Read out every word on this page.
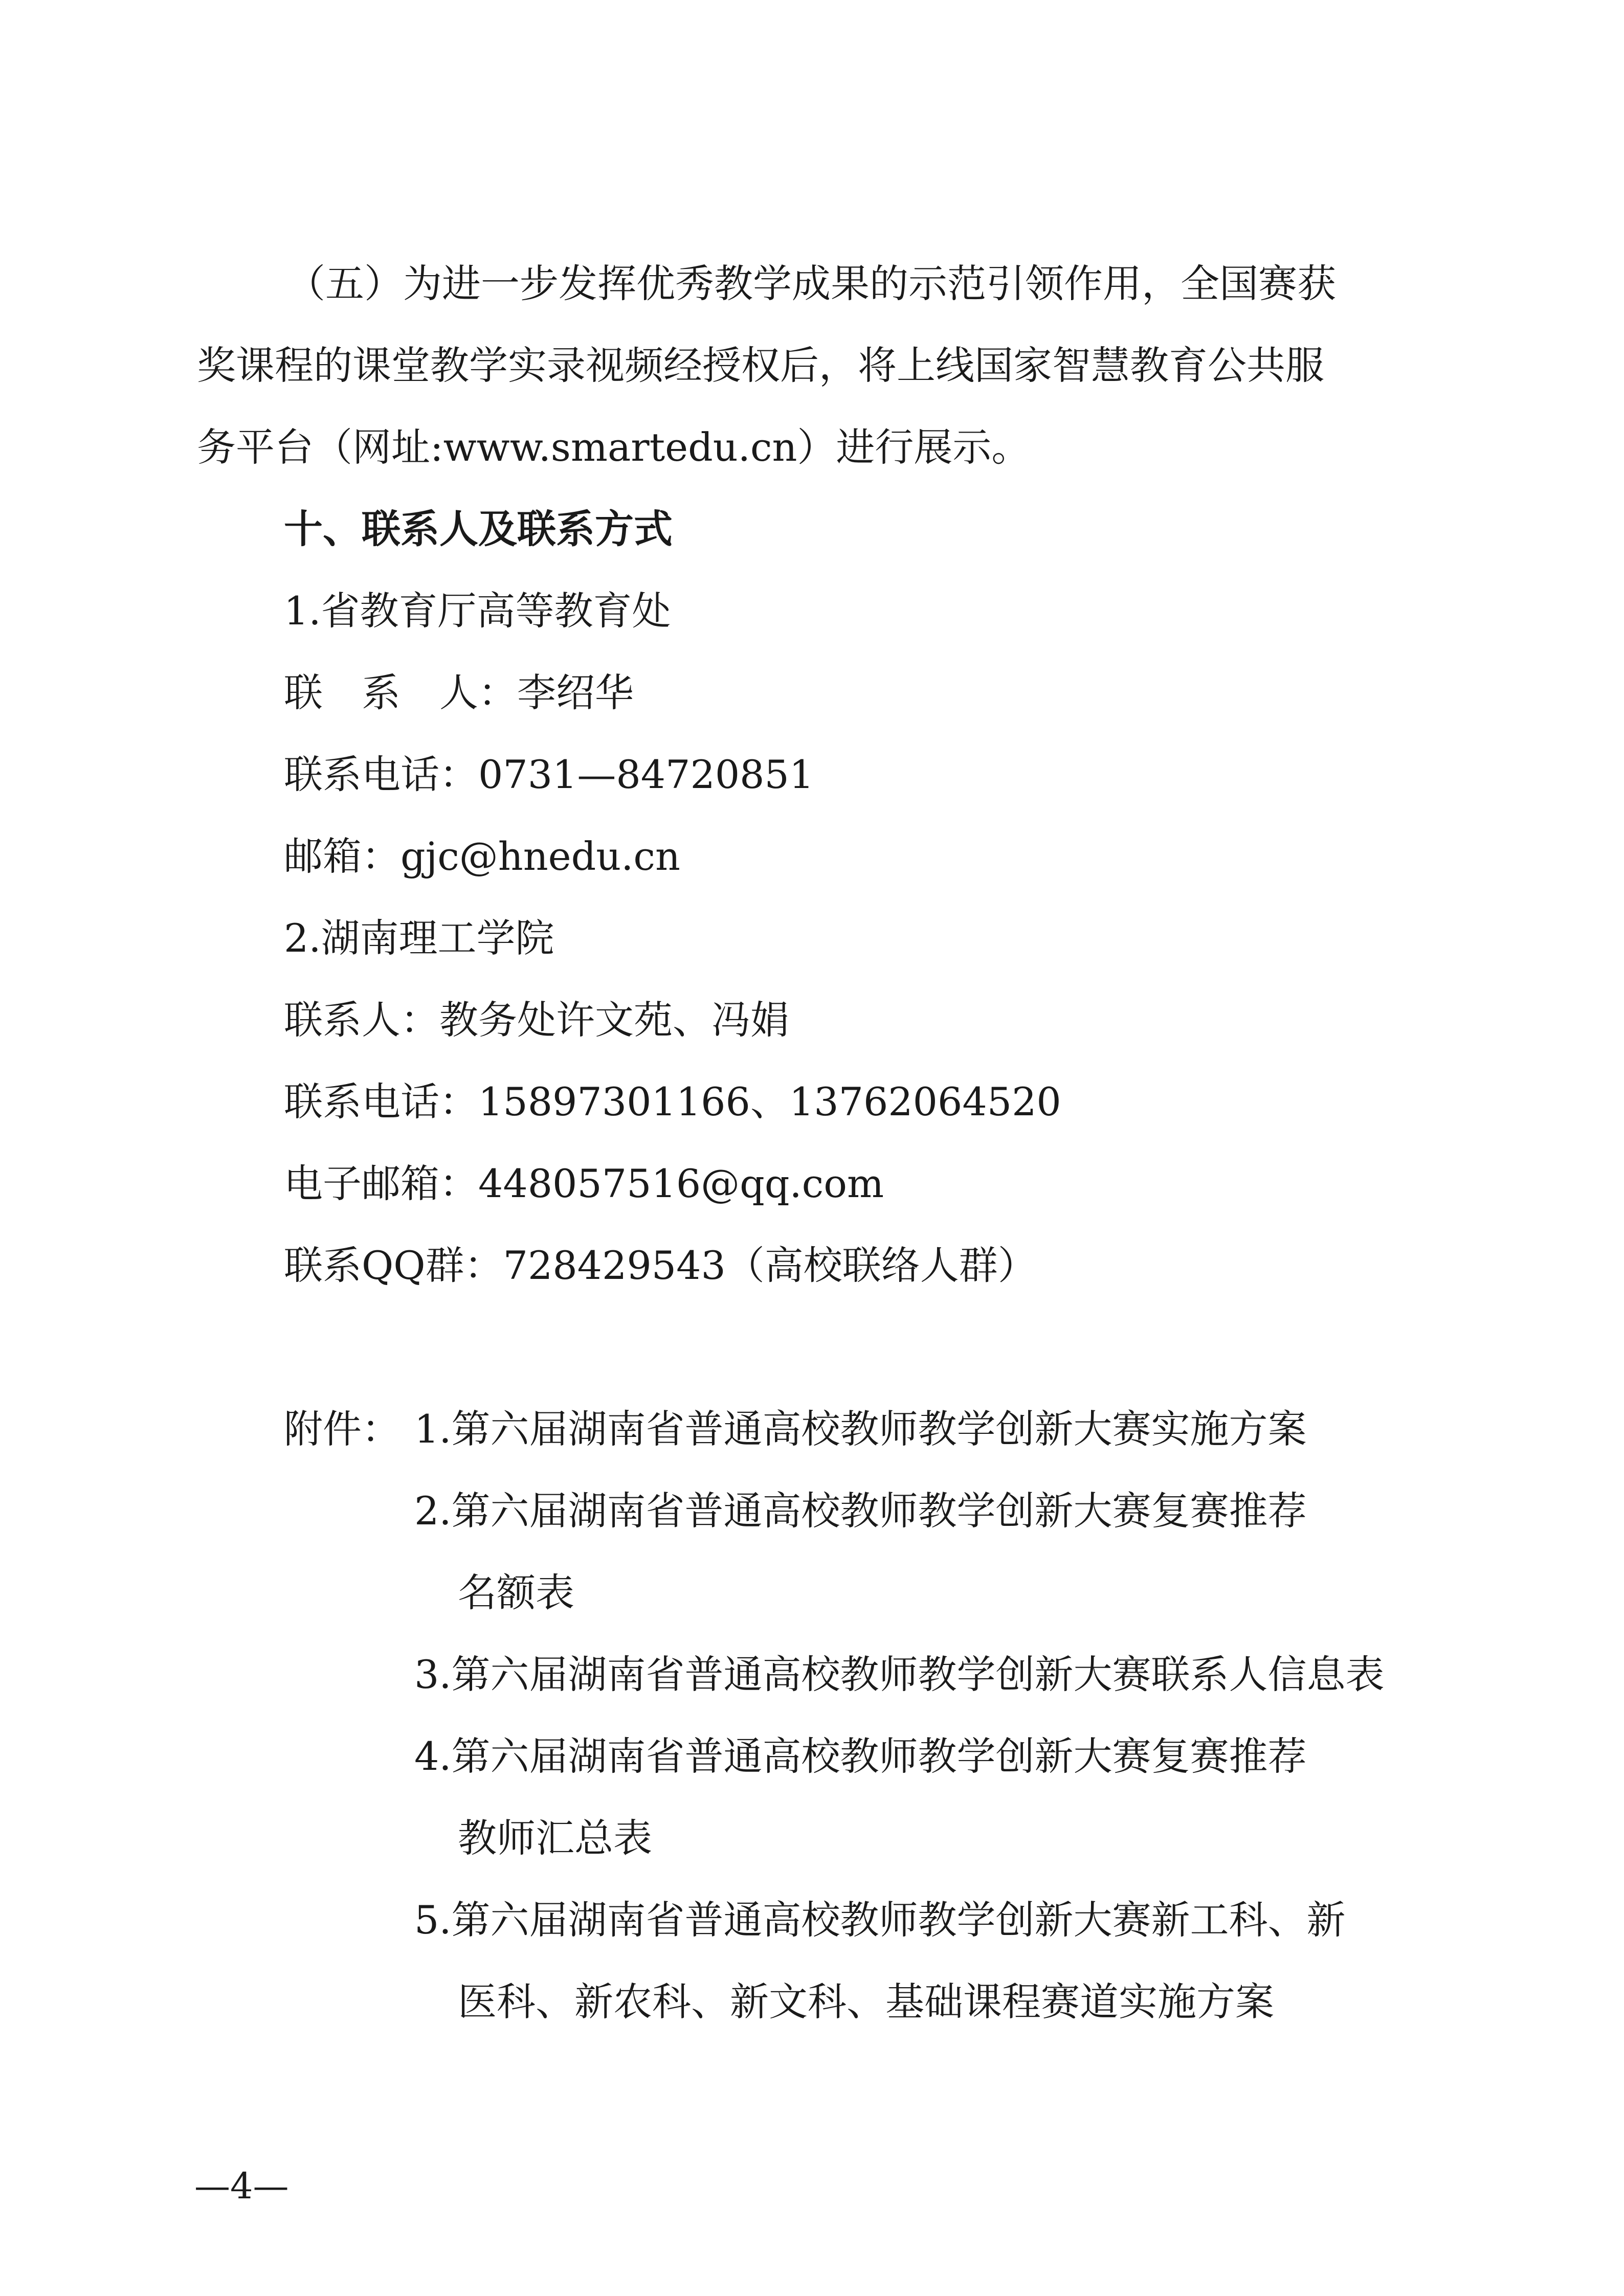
（五）为进一步发挥优秀教学成果的示范引领作用，全国赛获
奖课程的课堂教学实录视频经授权后，将上线国家智慧教育公共服
务平台（网址:www.smartedu.cn）进行展示。
十、联系人及联系方式
1.省教育厅高等教育处
联　系　人：李绍华
联系电话：0731—84720851
邮箱：gjc@hnedu.cn
2.湖南理工学院
联系人：教务处许文苑、冯娟
联系电话：15897301166、13762064520
电子邮箱：448057516@qq.com
联系QQ群：728429543（高校联络人群）
附件： 1.第六届湖南省普通高校教师教学创新大赛实施方案
2.第六届湖南省普通高校教师教学创新大赛复赛推荐
名额表
3.第六届湖南省普通高校教师教学创新大赛联系人信息表
4.第六届湖南省普通高校教师教学创新大赛复赛推荐
教师汇总表
5.第六届湖南省普通高校教师教学创新大赛新工科、新
医科、新农科、新文科、基础课程赛道实施方案
—4—
